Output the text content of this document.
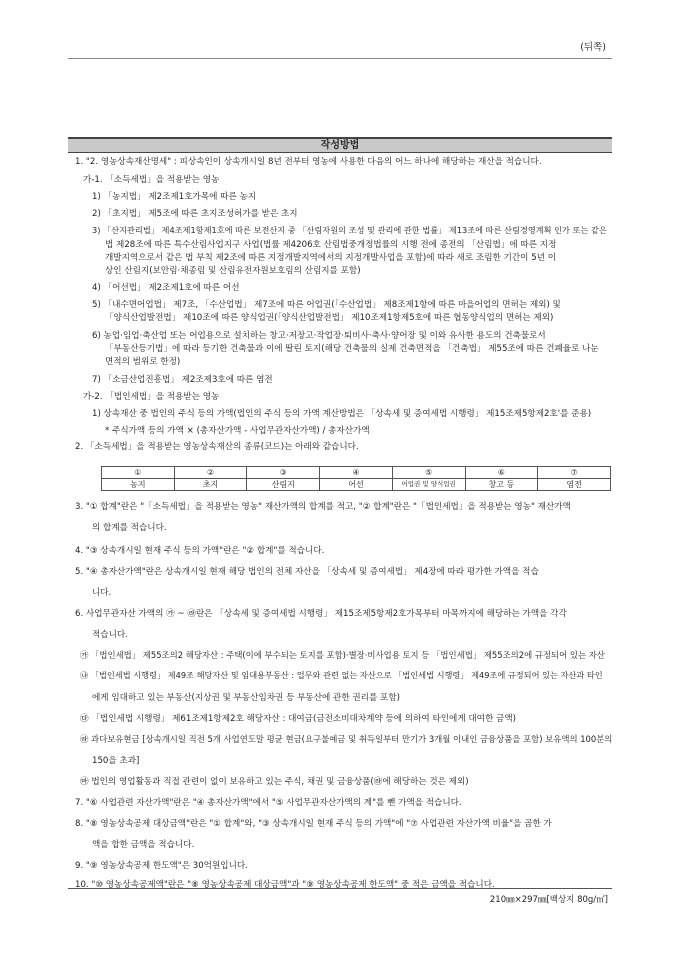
(뒤쪽)
작성방법
1. "2. 영농상속재산명세" : 피상속인이 상속개시일 8년 전부터 영농에 사용한 다음의 어느 하나에 해당하는 재산을 적습니다.
가-1. 「소득세법」을 적용받는 영농
1) 「농지법」 제2조제1호가목에 따른 농지
2) 「초지법」 제5조에 따른 초지조성허가를 받은 초지
3) 「산지관리법」 제4조제1항제1호에 따른 보전산지 중 「산림자원의 조성 및 관리에 관한 법률」 제13조에 따른 산림경영계획 인가 또는 같은
법 제28조에 따른 특수산림사업지구 사업(법률 제4206호 산림법중개정법률의 시행 전에 종전의 「산림법」에 따른 지정
개발지역으로서 같은 법 부칙 제2조에 따른 지정개발지역에서의 지정개발사업을 포함)에 따라 새로 조림한 기간이 5년 이
상인 산림지(보안림·채종림 및 산림유전자원보호림의 산림지를 포함)
4) 「어선법」 제2조제1호에 따른 어선
5) 「내수면어업법」 제7조, 「수산업법」 제7조에 따른 어업권(「수산업법」 제8조제1항에 따른 마을어업의 면허는 제외) 및
「양식산업발전법」 제10조에 따른 양식업권(「양식산업발전법」 제10조제1항제5호에 따른 협동양식업의 면허는 제외)
6) 농업·임업·축산업 또는 어업용으로 설치하는 창고·저장고·작업장·퇴비사·축사·양어장 및 이와 유사한 용도의 건축물로서
「부동산등기법」에 따라 등기한 건축물과 이에 딸린 토지(해당 건축물의 실제 건축면적을 「건축법」 제55조에 따른 건폐율로 나눈
면적의 범위로 한정)
7) 「소금산업진흥법」 제2조제3호에 따른 염전
가-2. 「법인세법」을 적용받는 영농
1) 상속재산 중 법인의 주식 등의 가액(법인의 주식 등의 가액 계산방법은 「상속세 및 증여세법 시행령」 제15조제5항제2호'를 준용)
* 주식가액 등의 가액 × (총자산가액 - 사업무관자산가액) / 총자산가액
2. 「소득세법」을 적용받는 영농상속재산의 종류(코드)는 아래와 같습니다.
①	②	③	④	⑤	⑥	⑦
농지	초지	산림지	어선	어업권 및 양식업권	창고 등	염전
3. "① 합계"란은 "「소득세법」을 적용받는 영농" 재산가액의 합계를 적고, "② 합계"란은 "「법인세법」을 적용받는 영농" 재산가액
의 합계를 적습니다.
4. "③ 상속개시일 현재 주식 등의 가액"란은 "② 합계"를 적습니다.
5. "④ 총자산가액"란은 상속개시일 현재 해당 법인의 전체 자산을 「상속세 및 증여세법」 제4장에 따라 평가한 가액을 적습
니다.
6. 사업무관자산 가액의 ㉮ ~ ㉱란은 「상속세 및 증여세법 시행령」 제15조제5항제2호가목부터 마목까지에 해당하는 가액을 각각
적습니다.
㉮ 「법인세법」 제55조의2 해당자산 : 주택(이에 부수되는 토지를 포함)·별장·비사업용 토지 등 「법인세법」 제55조의2에 규정되어 있는 자산
㉯ 「법인세법 시행령」 제49조 해당자산 및 임대용부동산 : 업무와 관련 없는 자산으로 「법인세법 시행령」 제49조에 규정되어 있는 자산과 타인
에게 임대하고 있는 부동산(지상권 및 부동산임차권 등 부동산에 관한 권리를 포함)
㉰ 「법인세법 시행령」 제61조제1항제2호 해당자산 : 대여금(금전소비대차계약 등에 의하여 타인에게 대여한 금액)
㉱ 과다보유현금 [상속개시일 직전 5개 사업연도말 평균 현금(요구불예금 및 취득일부터 만기가 3개월 이내인 금융상품을 포함) 보유액의 100분의
150을 초과]
㉲ 법인의 영업활동과 직접 관련이 없이 보유하고 있는 주식, 채권 및 금융상품(㉱에 해당하는 것은 제외)
7. "⑥ 사업관련 자산가액"란은 "④ 총자산가액"에서 "⑤ 사업무관자산가액의 계"를 뺀 가액을 적습니다.
8. "⑧ 영농상속공제 대상금액"란은 "① 합계"와, "③ 상속개시일 현재 주식 등의 가액"에 "⑦ 사업관련 자산가액 비율"을 곱한 가
액을 합한 금액을 적습니다.
9. "⑨ 영농상속공제 한도액"은 30억원입니다.
10. "⑩ 영농상속공제액"란은 "⑧ 영농상속공제 대상금액"과 "⑨ 영농상속공제 한도액" 중 적은 금액을 적습니다.
210㎜×297㎜[백상지 80g/㎡]
